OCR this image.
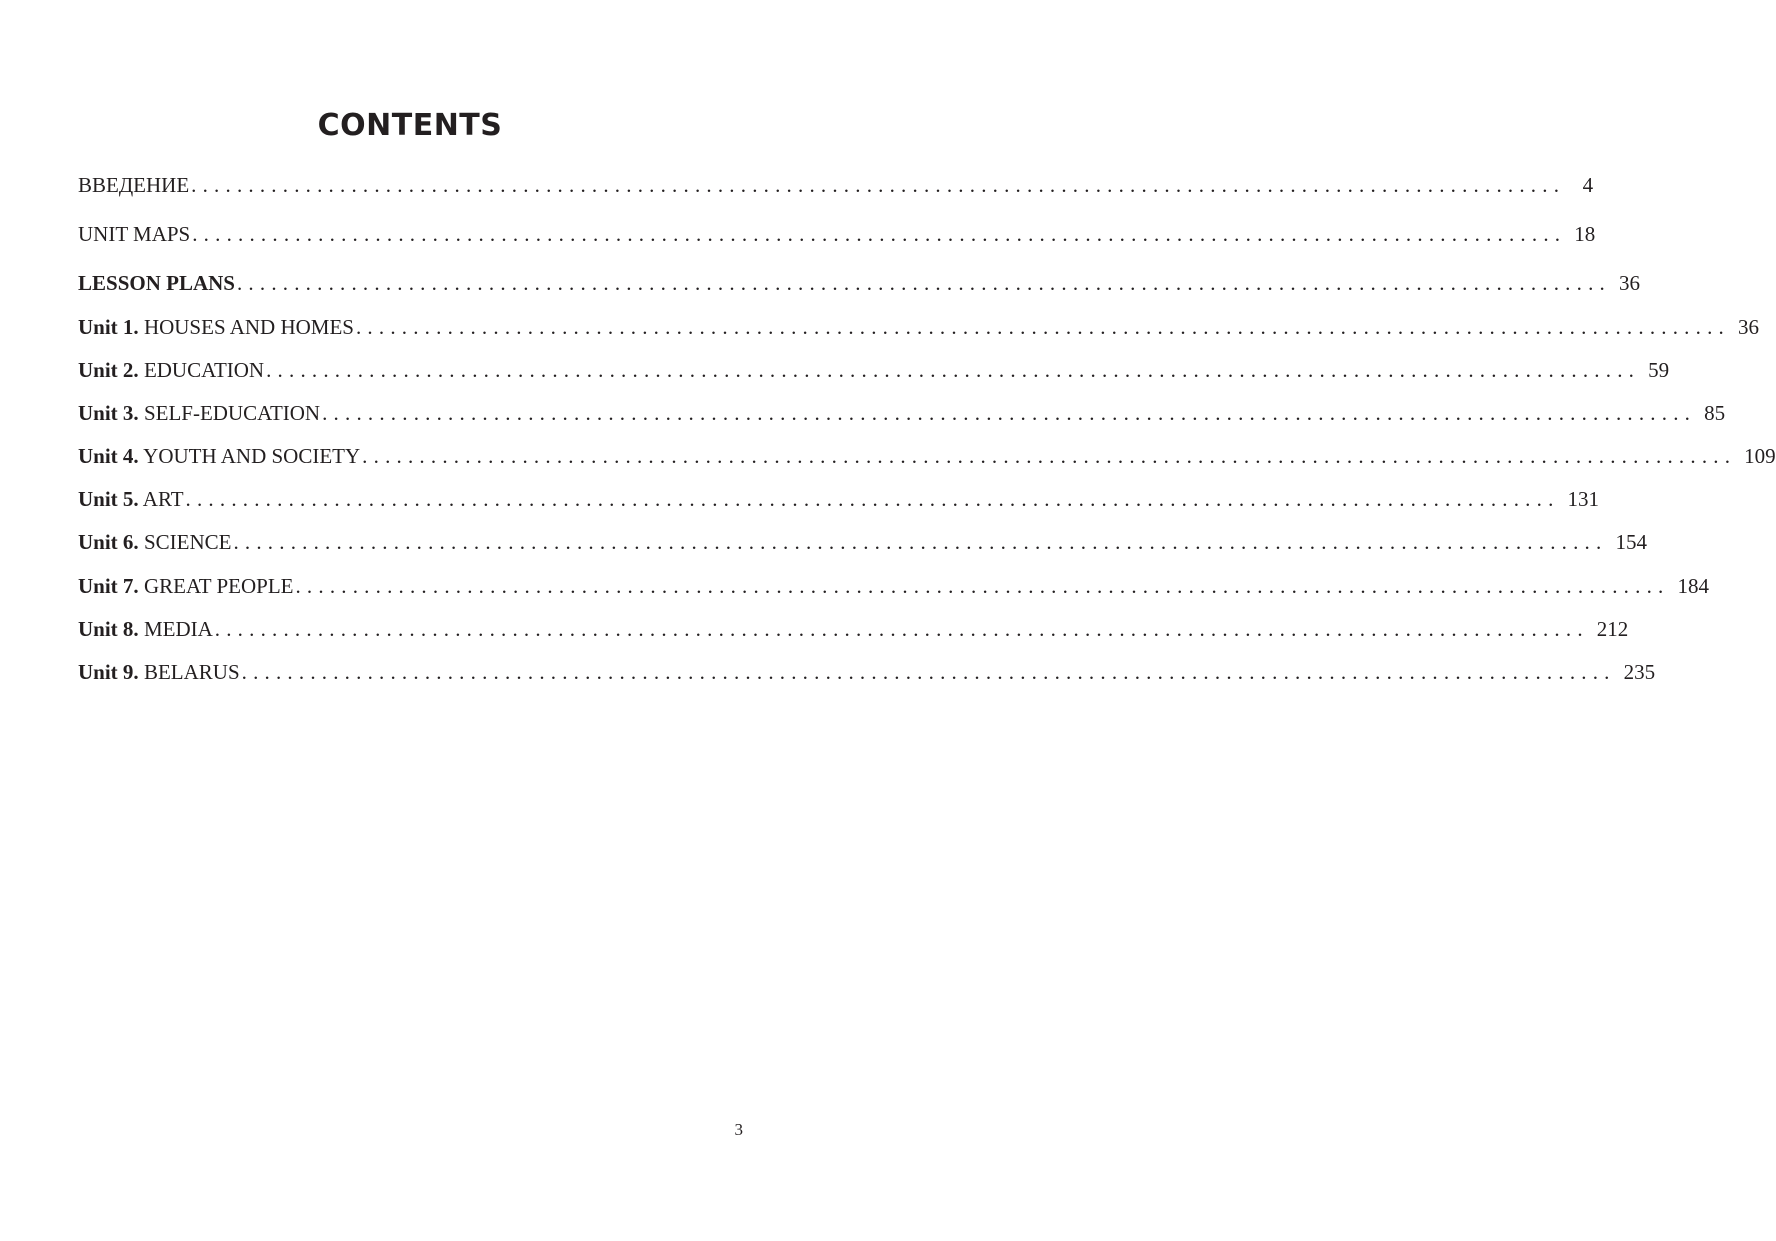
CONTENTS
ВВЕДЕНИЕ ........................................................................................................................ 4
UNIT MAPS ........................................................................................................................ 18
LESSON PLANS ........................................................................................................................ 36
Unit 1. HOUSES AND HOMES ........................................................................................................................ 36
Unit 2. EDUCATION ........................................................................................................................ 59
Unit 3. SELF-EDUCATION ........................................................................................................................ 85
Unit 4. YOUTH AND SOCIETY ........................................................................................................................ 109
Unit 5. ART ........................................................................................................................ 131
Unit 6. SCIENCE ........................................................................................................................ 154
Unit 7. GREAT PEOPLE ........................................................................................................................ 184
Unit 8. MEDIA ........................................................................................................................ 212
Unit 9. BELARUS ........................................................................................................................ 235
3
